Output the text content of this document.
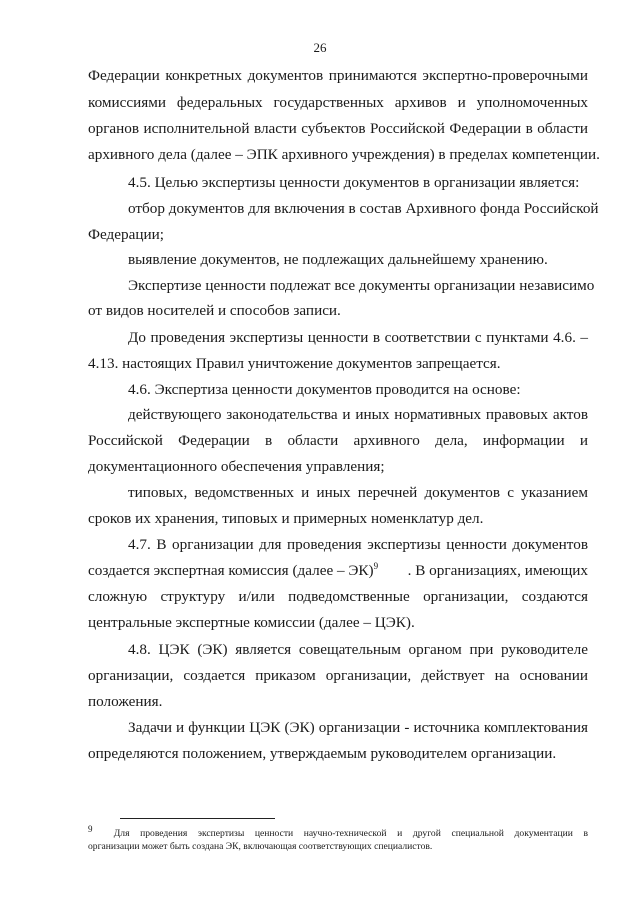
26
Федерации конкретных документов принимаются экспертно-проверочными
комиссиями федеральных государственных архивов и уполномоченных
органов исполнительной власти субъектов Российской Федерации в области
архивного дела (далее – ЭПК архивного учреждения) в пределах компетенции.
4.5. Целью экспертизы ценности документов в организации является:
отбор документов для включения в состав Архивного фонда Российской
Федерации;
выявление документов, не подлежащих дальнейшему хранению.
Экспертизе ценности подлежат все документы организации независимо
от видов носителей и способов записи.
До проведения экспертизы ценности в соответствии с пунктами 4.6. –
4.13. настоящих Правил уничтожение документов запрещается.
4.6. Экспертиза ценности документов проводится на основе:
действующего законодательства и иных нормативных правовых актов
Российской Федерации в области архивного дела, информации и
документационного обеспечения управления;
типовых, ведомственных и иных перечней документов с указанием
сроков их хранения, типовых и примерных номенклатур дел.
4.7. В организации для проведения экспертизы ценности документов
создается экспертная комиссия (далее – ЭК)$^9$ . В организациях, имеющих
сложную структуру и/или подведомственные организации, создаются
центральные экспертные комиссии (далее – ЦЭК).
4.8. ЦЭК (ЭК) является совещательным органом при руководителе
организации, создается приказом организации, действует на основании
положения.
Задачи и функции ЦЭК (ЭК) организации - источника комплектования
определяются положением, утверждаемым руководителем организации.
$^9$ Для проведения экспертизы ценности научно-технической и другой специальной документации в
организации может быть создана ЭК, включающая соответствующих специалистов.
